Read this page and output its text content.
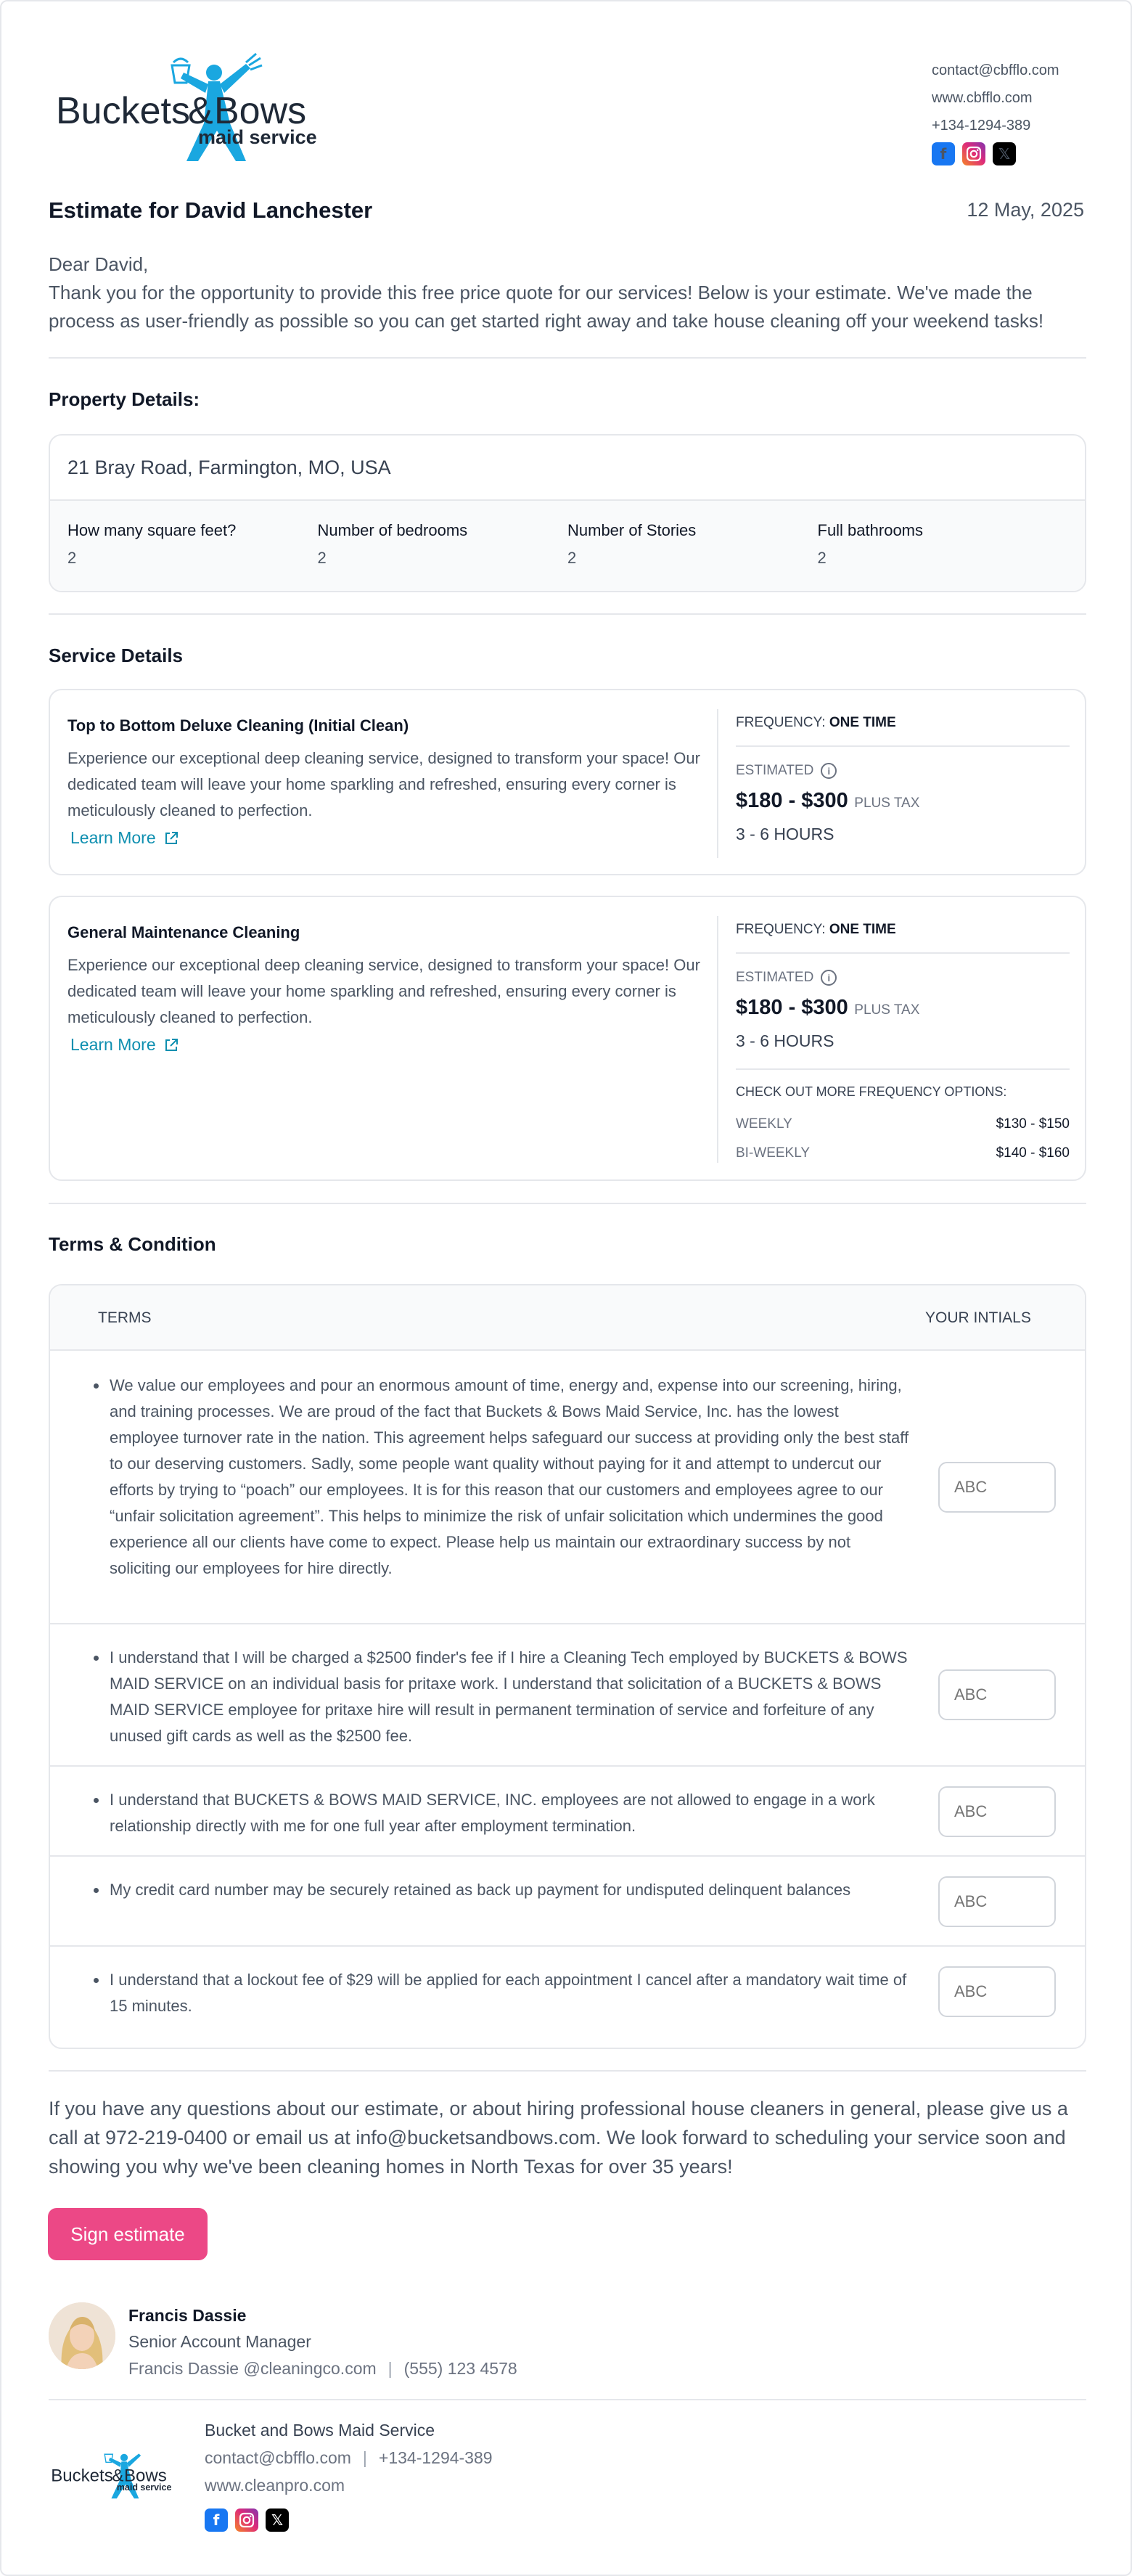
Buckets
& Bows
maid service
contact@cbfflo.com
www.cbfflo.com
+134-1294-389
f	𝕏
Estimate for David Lanchester	12 May, 2025
Dear David,
Thank you for the opportunity to provide this free price quote for our services! Below is your estimate. We've made the process as user-friendly as possible so you can get started right away and take house cleaning off your weekend tasks!
Property Details:
21 Bray Road, Farmington, MO, USA
How many square feet?
2
Number of bedrooms
2
Number of Stories
2
Full bathrooms
2
Service Details
Top to Bottom Deluxe Cleaning (Initial Clean)
Experience our exceptional deep cleaning service, designed to transform your space! Our dedicated team will leave your home sparkling and refreshed, ensuring every corner is meticulously cleaned to perfection.
Learn More
FREQUENCY: ONE TIME
ESTIMATED	i
$180 - $300 PLUS TAX
3 - 6 HOURS
General Maintenance Cleaning
Experience our exceptional deep cleaning service, designed to transform your space! Our dedicated team will leave your home sparkling and refreshed, ensuring every corner is meticulously cleaned to perfection.
Learn More
FREQUENCY: ONE TIME
ESTIMATED	i
$180 - $300 PLUS TAX
3 - 6 HOURS
CHECK OUT MORE FREQUENCY OPTIONS:
WEEKLY	$130 - $150
BI-WEEKLY	$140 - $160
Terms & Condition
TERMS	YOUR INTIALS
We value our employees and pour an enormous amount of time, energy and, expense into our screening, hiring, and training processes. We are proud of the fact that Buckets & Bows Maid Service, Inc. has the lowest employee turnover rate in the nation. This agreement helps safeguard our success at providing only the best staff to our deserving customers. Sadly, some people want quality without paying for it and attempt to undercut our efforts by trying to “poach” our employees. It is for this reason that our customers and employees agree to our “unfair solicitation agreement”. This helps to minimize the risk of unfair solicitation which undermines the good experience all our clients have come to expect. Please help us maintain our extraordinary success by not soliciting our employees for hire directly.
ABC
I understand that I will be charged a $2500 finder's fee if I hire a Cleaning Tech employed by BUCKETS & BOWS MAID SERVICE on an individual basis for pritaxe work. I understand that solicitation of a BUCKETS & BOWS MAID SERVICE employee for pritaxe hire will result in permanent termination of service and forfeiture of any unused gift cards as well as the $2500 fee.
ABC
I understand that BUCKETS & BOWS MAID SERVICE, INC. employees are not allowed to engage in a work relationship directly with me for one full year after employment termination.
ABC
My credit card number may be securely retained as back up payment for undisputed delinquent balances
ABC
I understand that a lockout fee of $29 will be applied for each appointment I cancel after a mandatory wait time of 15 minutes.
ABC
If you have any questions about our estimate, or about hiring professional house cleaners in general, please give us a call at 972-219-0400 or email us at info@bucketsandbows.com. We look forward to scheduling your service soon and showing you why we've been cleaning homes in North Texas for over 35 years!
Sign estimate
Francis Dassie
Senior Account Manager
Francis Dassie @cleaningco.com | (555) 123 4578
Buckets
& Bows
maid service
Bucket and Bows Maid Service
contact@cbfflo.com | +134-1294-389
www.cleanpro.com
f	𝕏
